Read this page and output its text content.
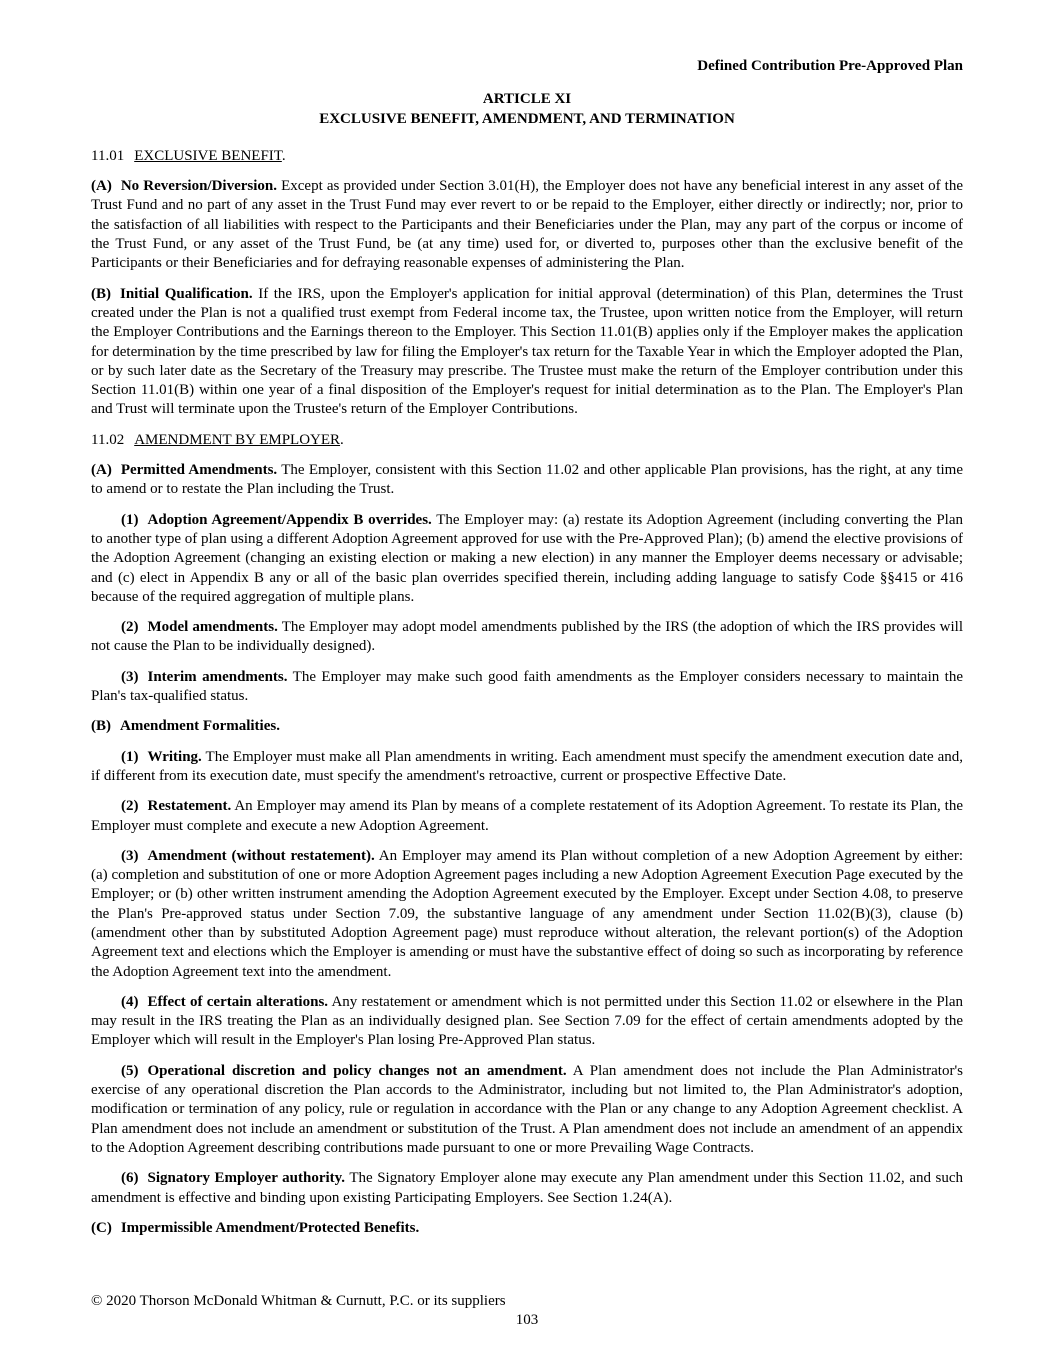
Defined Contribution Pre-Approved Plan

ARTICLE XI

EXCLUSIVE BENEFIT, AMENDMENT, AND TERMINATION

11.01 EXCLUSIVE BENEFIT.

(A) No Reversion/Diversion. Except as provided under Section 3.01(H), the Employer does not have any beneficial interest in any asset of the Trust Fund and no part of any asset in the Trust Fund may ever revert to or be repaid to the Employer, either directly or indirectly; nor, prior to the satisfaction of all liabilities with respect to the Participants and their Beneficiaries under the Plan, may any part of the corpus or income of the Trust Fund, or any asset of the Trust Fund, be (at any time) used for, or diverted to, purposes other than the exclusive benefit of the Participants or their Beneficiaries and for defraying reasonable expenses of administering the Plan.

(B) Initial Qualification. If the IRS, upon the Employer's application for initial approval (determination) of this Plan, determines the Trust created under the Plan is not a qualified trust exempt from Federal income tax, the Trustee, upon written notice from the Employer, will return the Employer Contributions and the Earnings thereon to the Employer. This Section 11.01(B) applies only if the Employer makes the application for determination by the time prescribed by law for filing the Employer's tax return for the Taxable Year in which the Employer adopted the Plan, or by such later date as the Secretary of the Treasury may prescribe. The Trustee must make the return of the Employer contribution under this Section 11.01(B) within one year of a final disposition of the Employer's request for initial determination as to the Plan. The Employer's Plan and Trust will terminate upon the Trustee's return of the Employer Contributions.

11.02 AMENDMENT BY EMPLOYER.

(A) Permitted Amendments. The Employer, consistent with this Section 11.02 and other applicable Plan provisions, has the right, at any time to amend or to restate the Plan including the Trust.

(1) Adoption Agreement/Appendix B overrides. The Employer may: (a) restate its Adoption Agreement (including converting the Plan to another type of plan using a different Adoption Agreement approved for use with the Pre-Approved Plan); (b) amend the elective provisions of the Adoption Agreement (changing an existing election or making a new election) in any manner the Employer deems necessary or advisable; and (c) elect in Appendix B any or all of the basic plan overrides specified therein, including adding language to satisfy Code §§415 or 416 because of the required aggregation of multiple plans.

(2) Model amendments. The Employer may adopt model amendments published by the IRS (the adoption of which the IRS provides will not cause the Plan to be individually designed).

(3) Interim amendments. The Employer may make such good faith amendments as the Employer considers necessary to maintain the Plan's tax-qualified status.

(B) Amendment Formalities.

(1) Writing. The Employer must make all Plan amendments in writing. Each amendment must specify the amendment execution date and, if different from its execution date, must specify the amendment's retroactive, current or prospective Effective Date.

(2) Restatement. An Employer may amend its Plan by means of a complete restatement of its Adoption Agreement. To restate its Plan, the Employer must complete and execute a new Adoption Agreement.

(3) Amendment (without restatement). An Employer may amend its Plan without completion of a new Adoption Agreement by either: (a) completion and substitution of one or more Adoption Agreement pages including a new Adoption Agreement Execution Page executed by the Employer; or (b) other written instrument amending the Adoption Agreement executed by the Employer. Except under Section 4.08, to preserve the Plan's Pre-approved status under Section 7.09, the substantive language of any amendment under Section 11.02(B)(3), clause (b) (amendment other than by substituted Adoption Agreement page) must reproduce without alteration, the relevant portion(s) of the Adoption Agreement text and elections which the Employer is amending or must have the substantive effect of doing so such as incorporating by reference the Adoption Agreement text into the amendment.

(4) Effect of certain alterations. Any restatement or amendment which is not permitted under this Section 11.02 or elsewhere in the Plan may result in the IRS treating the Plan as an individually designed plan. See Section 7.09 for the effect of certain amendments adopted by the Employer which will result in the Employer's Plan losing Pre-Approved Plan status.

(5) Operational discretion and policy changes not an amendment. A Plan amendment does not include the Plan Administrator's exercise of any operational discretion the Plan accords to the Administrator, including but not limited to, the Plan Administrator's adoption, modification or termination of any policy, rule or regulation in accordance with the Plan or any change to any Adoption Agreement checklist. A Plan amendment does not include an amendment or substitution of the Trust. A Plan amendment does not include an amendment of an appendix to the Adoption Agreement describing contributions made pursuant to one or more Prevailing Wage Contracts.

(6) Signatory Employer authority. The Signatory Employer alone may execute any Plan amendment under this Section 11.02, and such amendment is effective and binding upon existing Participating Employers. See Section 1.24(A).

(C) Impermissible Amendment/Protected Benefits.

© 2020 Thorson McDonald Whitman & Curnutt, P.C. or its suppliers
103
